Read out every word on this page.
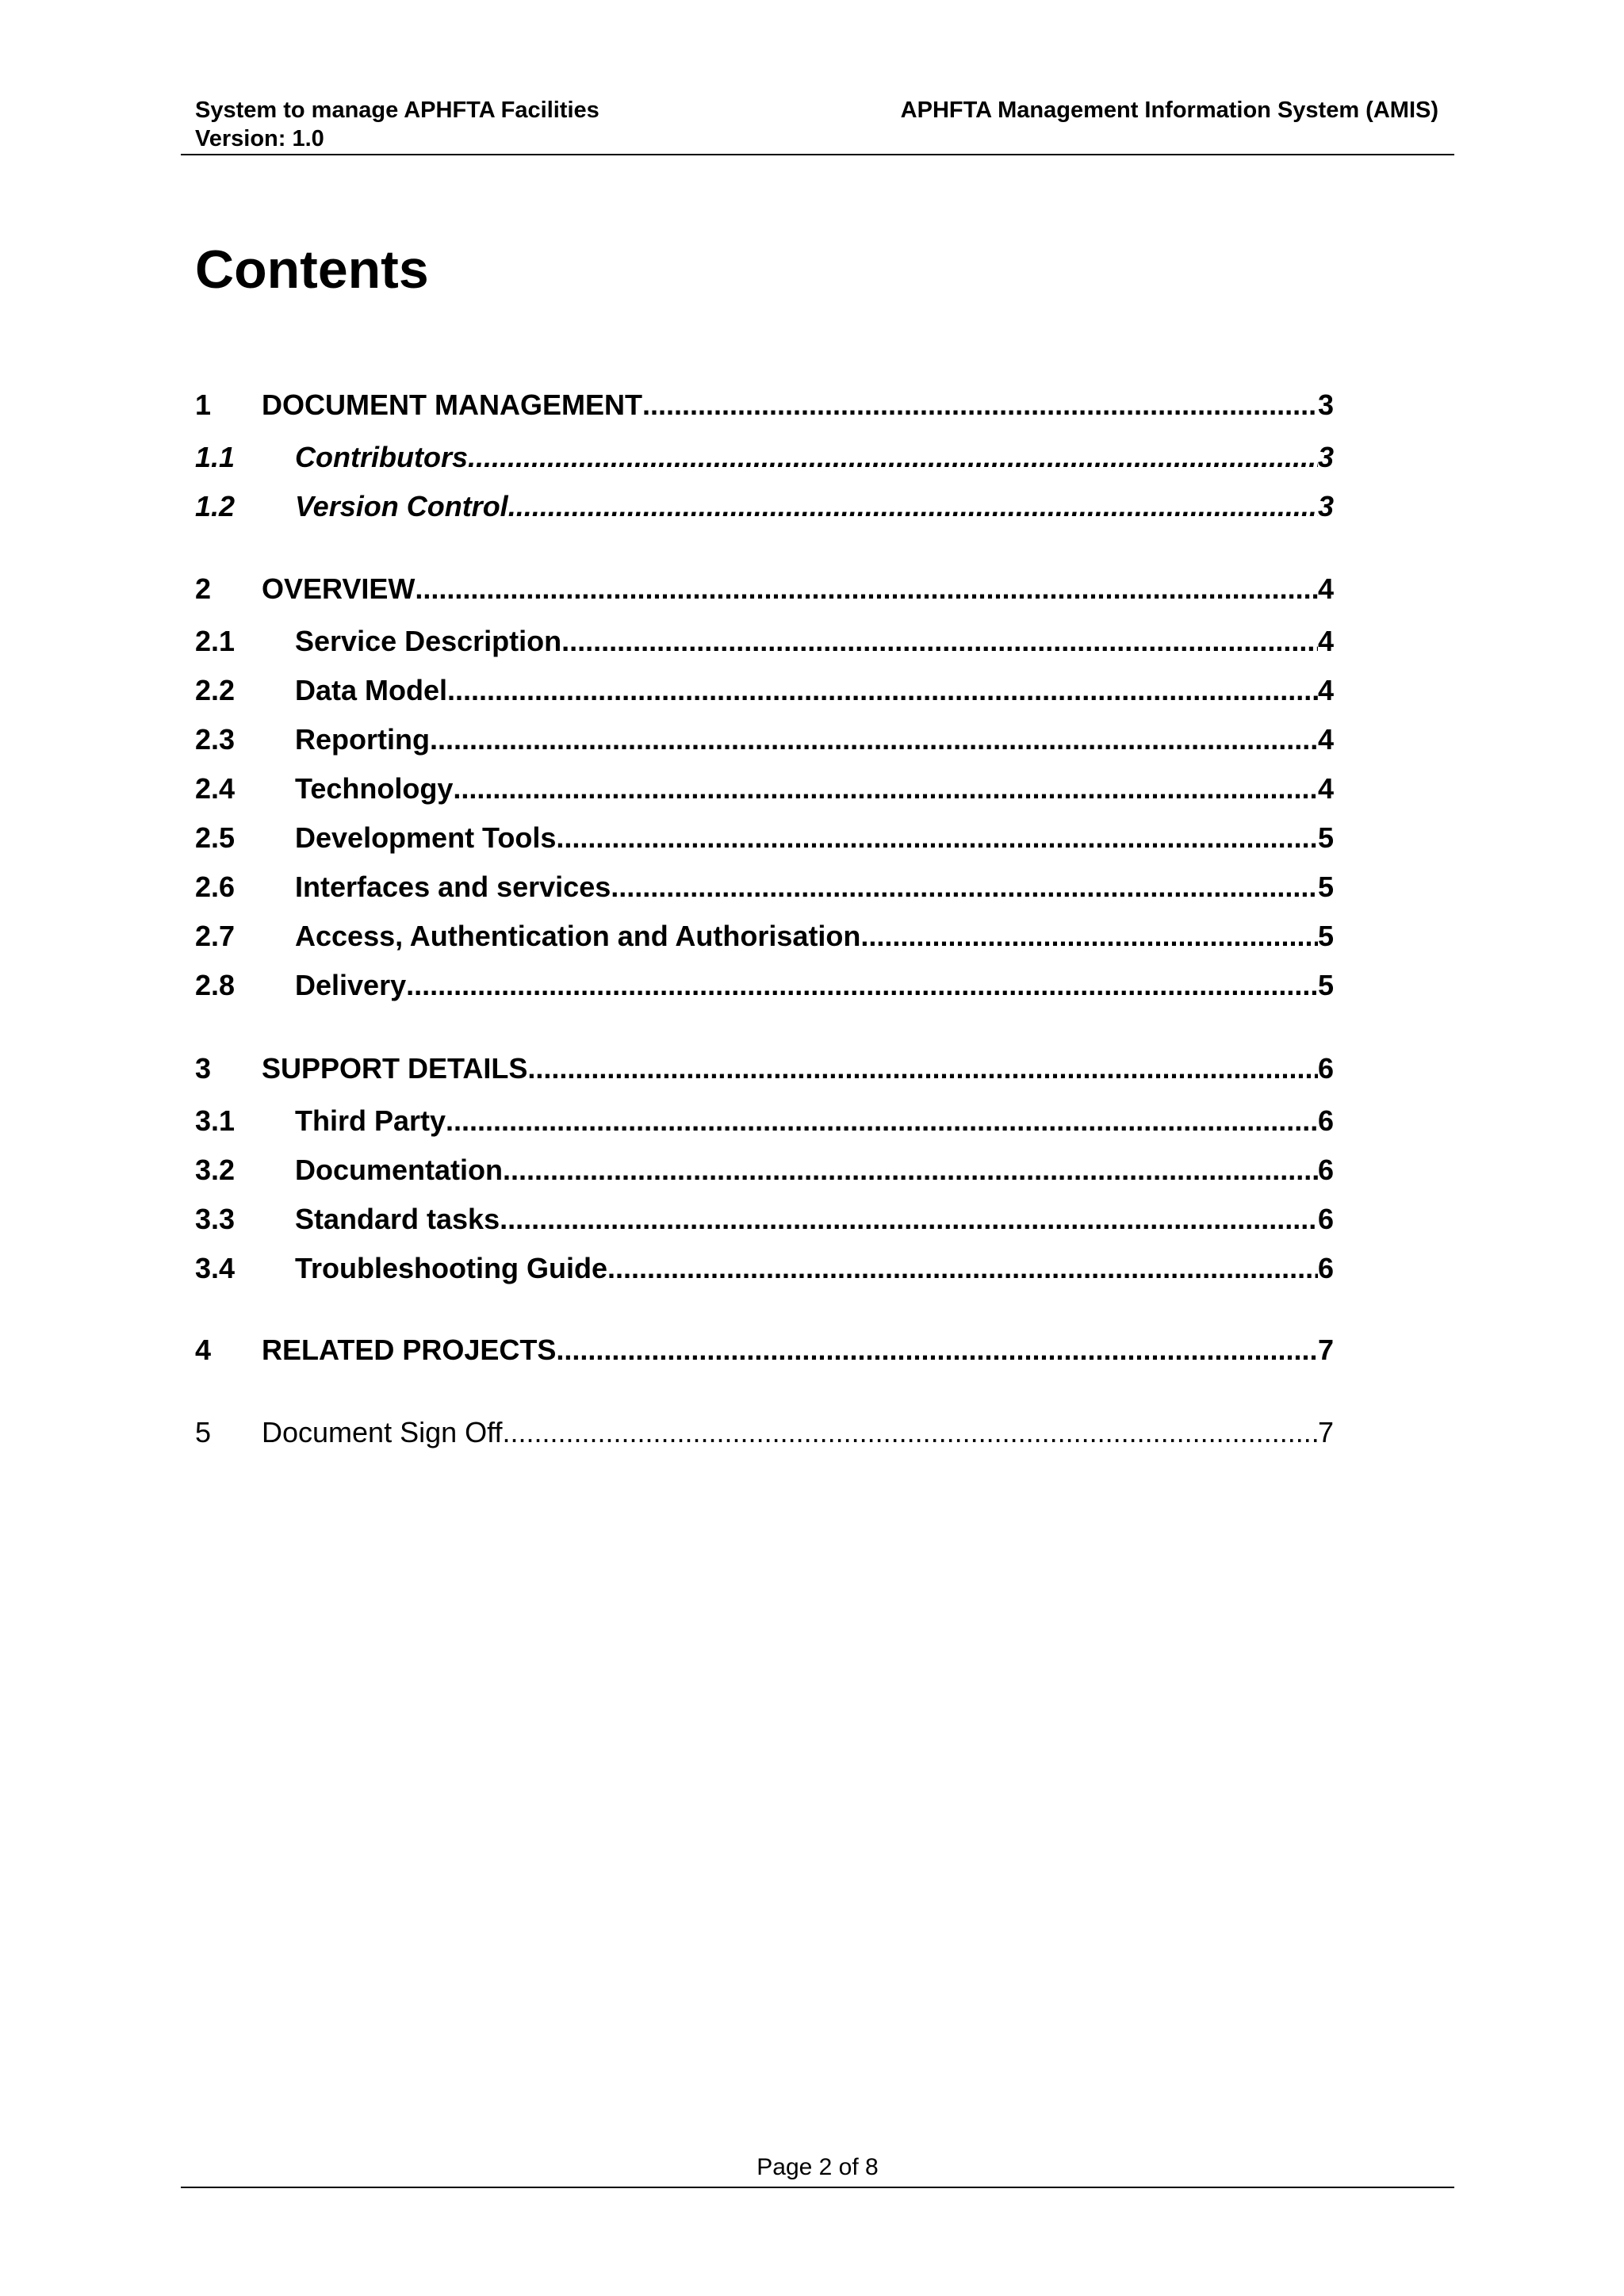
System to manage APHFTA Facilities
Version: 1.0
APHFTA Management Information System (AMIS)
Contents
1	DOCUMENT MANAGEMENT .....	3
1.1	Contributors .....	3
1.2	Version Control .....	3
2	OVERVIEW .....	4
2.1	Service Description .....	4
2.2	Data Model .....	4
2.3	Reporting .....	4
2.4	Technology .....	4
2.5	Development Tools .....	5
2.6	Interfaces and services .....	5
2.7	Access, Authentication and Authorisation .....	5
2.8	Delivery .....	5
3	SUPPORT DETAILS .....	6
3.1	Third Party .....	6
3.2	Documentation .....	6
3.3	Standard tasks .....	6
3.4	Troubleshooting Guide .....	6
4	RELATED PROJECTS .....	7
5	Document Sign Off .....	7
Page 2 of 8
